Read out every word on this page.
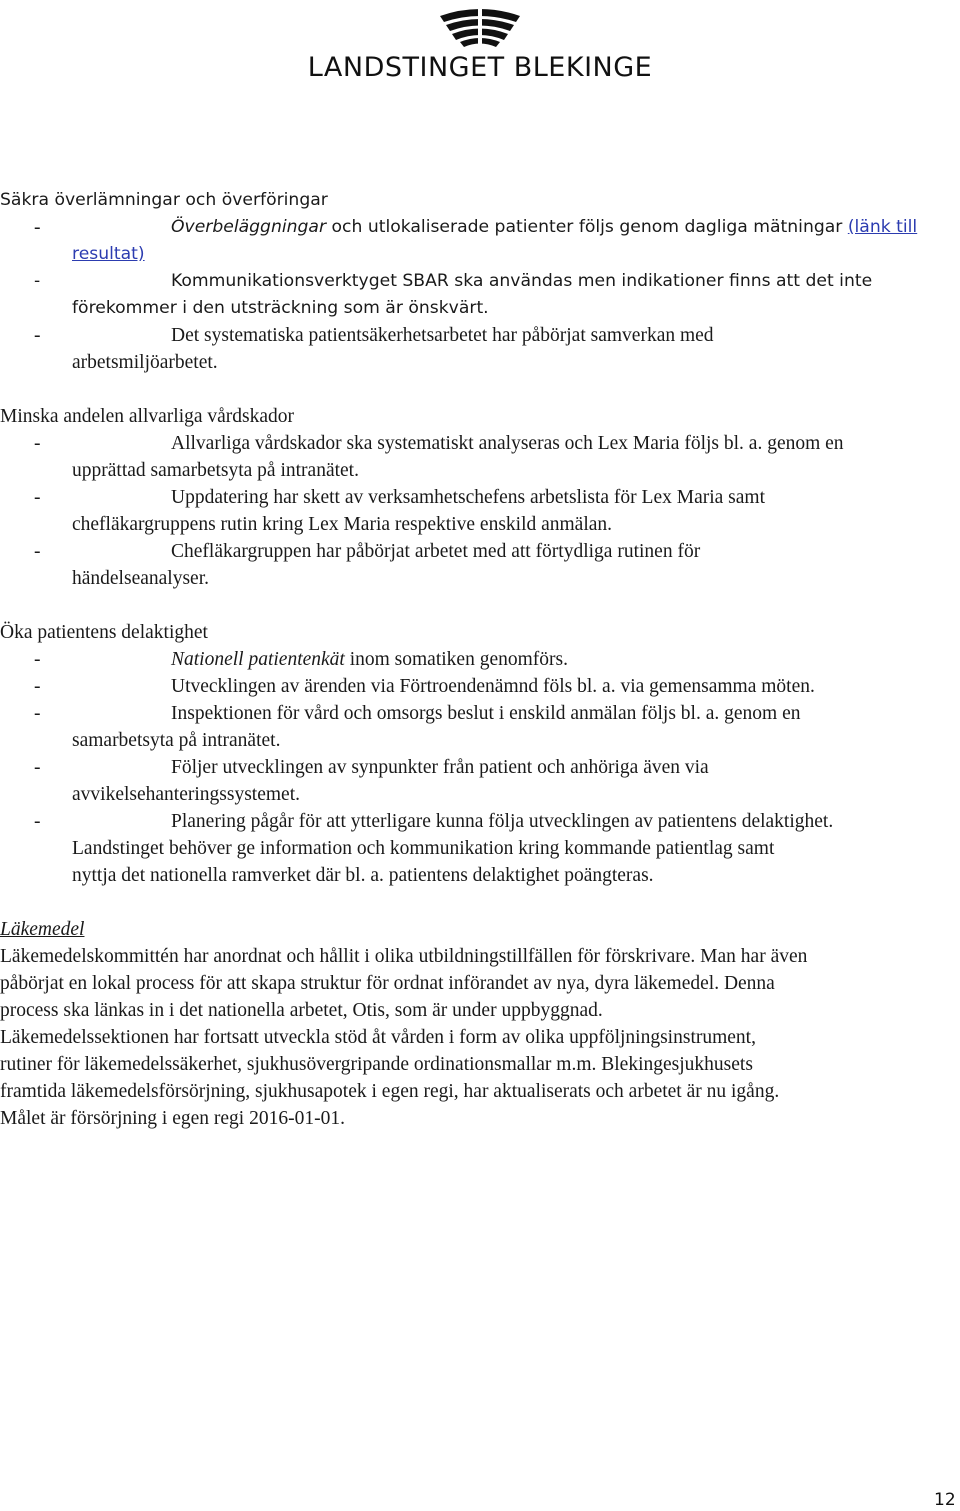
LANDSTINGET BLEKINGE
Säkra överlämningar och överföringar
-	Överbeläggningar och utlokaliserade patienter följs genom dagliga mätningar (länk till
resultat)
-	Kommunikationsverktyget SBAR ska användas men indikationer finns att det inte
förekommer i den utsträckning som är önskvärt.
-	Det systematiska patientsäkerhetsarbetet har påbörjat samverkan med
arbetsmiljöarbetet.
Minska andelen allvarliga vårdskador
-	Allvarliga vårdskador ska systematiskt analyseras och Lex Maria följs bl. a. genom en
upprättad samarbetsyta på intranätet.
-	Uppdatering har skett av verksamhetschefens arbetslista för Lex Maria samt
chefläkargruppens rutin kring Lex Maria respektive enskild anmälan.
-	Chefläkargruppen har påbörjat arbetet med att förtydliga rutinen för
händelseanalyser.
Öka patientens delaktighet
-	Nationell patientenkät inom somatiken genomförs.
-	Utvecklingen av ärenden via Förtroendenämnd föls bl. a. via gemensamma möten.
-	Inspektionen för vård och omsorgs beslut i enskild anmälan följs bl. a. genom en
samarbetsyta på intranätet.
-	Följer utvecklingen av synpunkter från patient och anhöriga även via
avvikelsehanteringssystemet.
-	Planering pågår för att ytterligare kunna följa utvecklingen av patientens delaktighet.
Landstinget behöver ge information och kommunikation kring kommande patientlag samt
nyttja det nationella ramverket där bl. a. patientens delaktighet poängteras.
Läkemedel
Läkemedelskommittén har anordnat och hållit i olika utbildningstillfällen för förskrivare. Man har även
påbörjat en lokal process för att skapa struktur för ordnat införandet av nya, dyra läkemedel. Denna
process ska länkas in i det nationella arbetet, Otis, som är under uppbyggnad.
Läkemedelssektionen har fortsatt utveckla stöd åt vården i form av olika uppföljningsinstrument,
rutiner för läkemedelssäkerhet, sjukhusövergripande ordinationsmallar m.m. Blekingesjukhusets
framtida läkemedelsförsörjning, sjukhusapotek i egen regi, har aktualiserats och arbetet är nu igång.
Målet är försörjning i egen regi 2016-01-01.
12
